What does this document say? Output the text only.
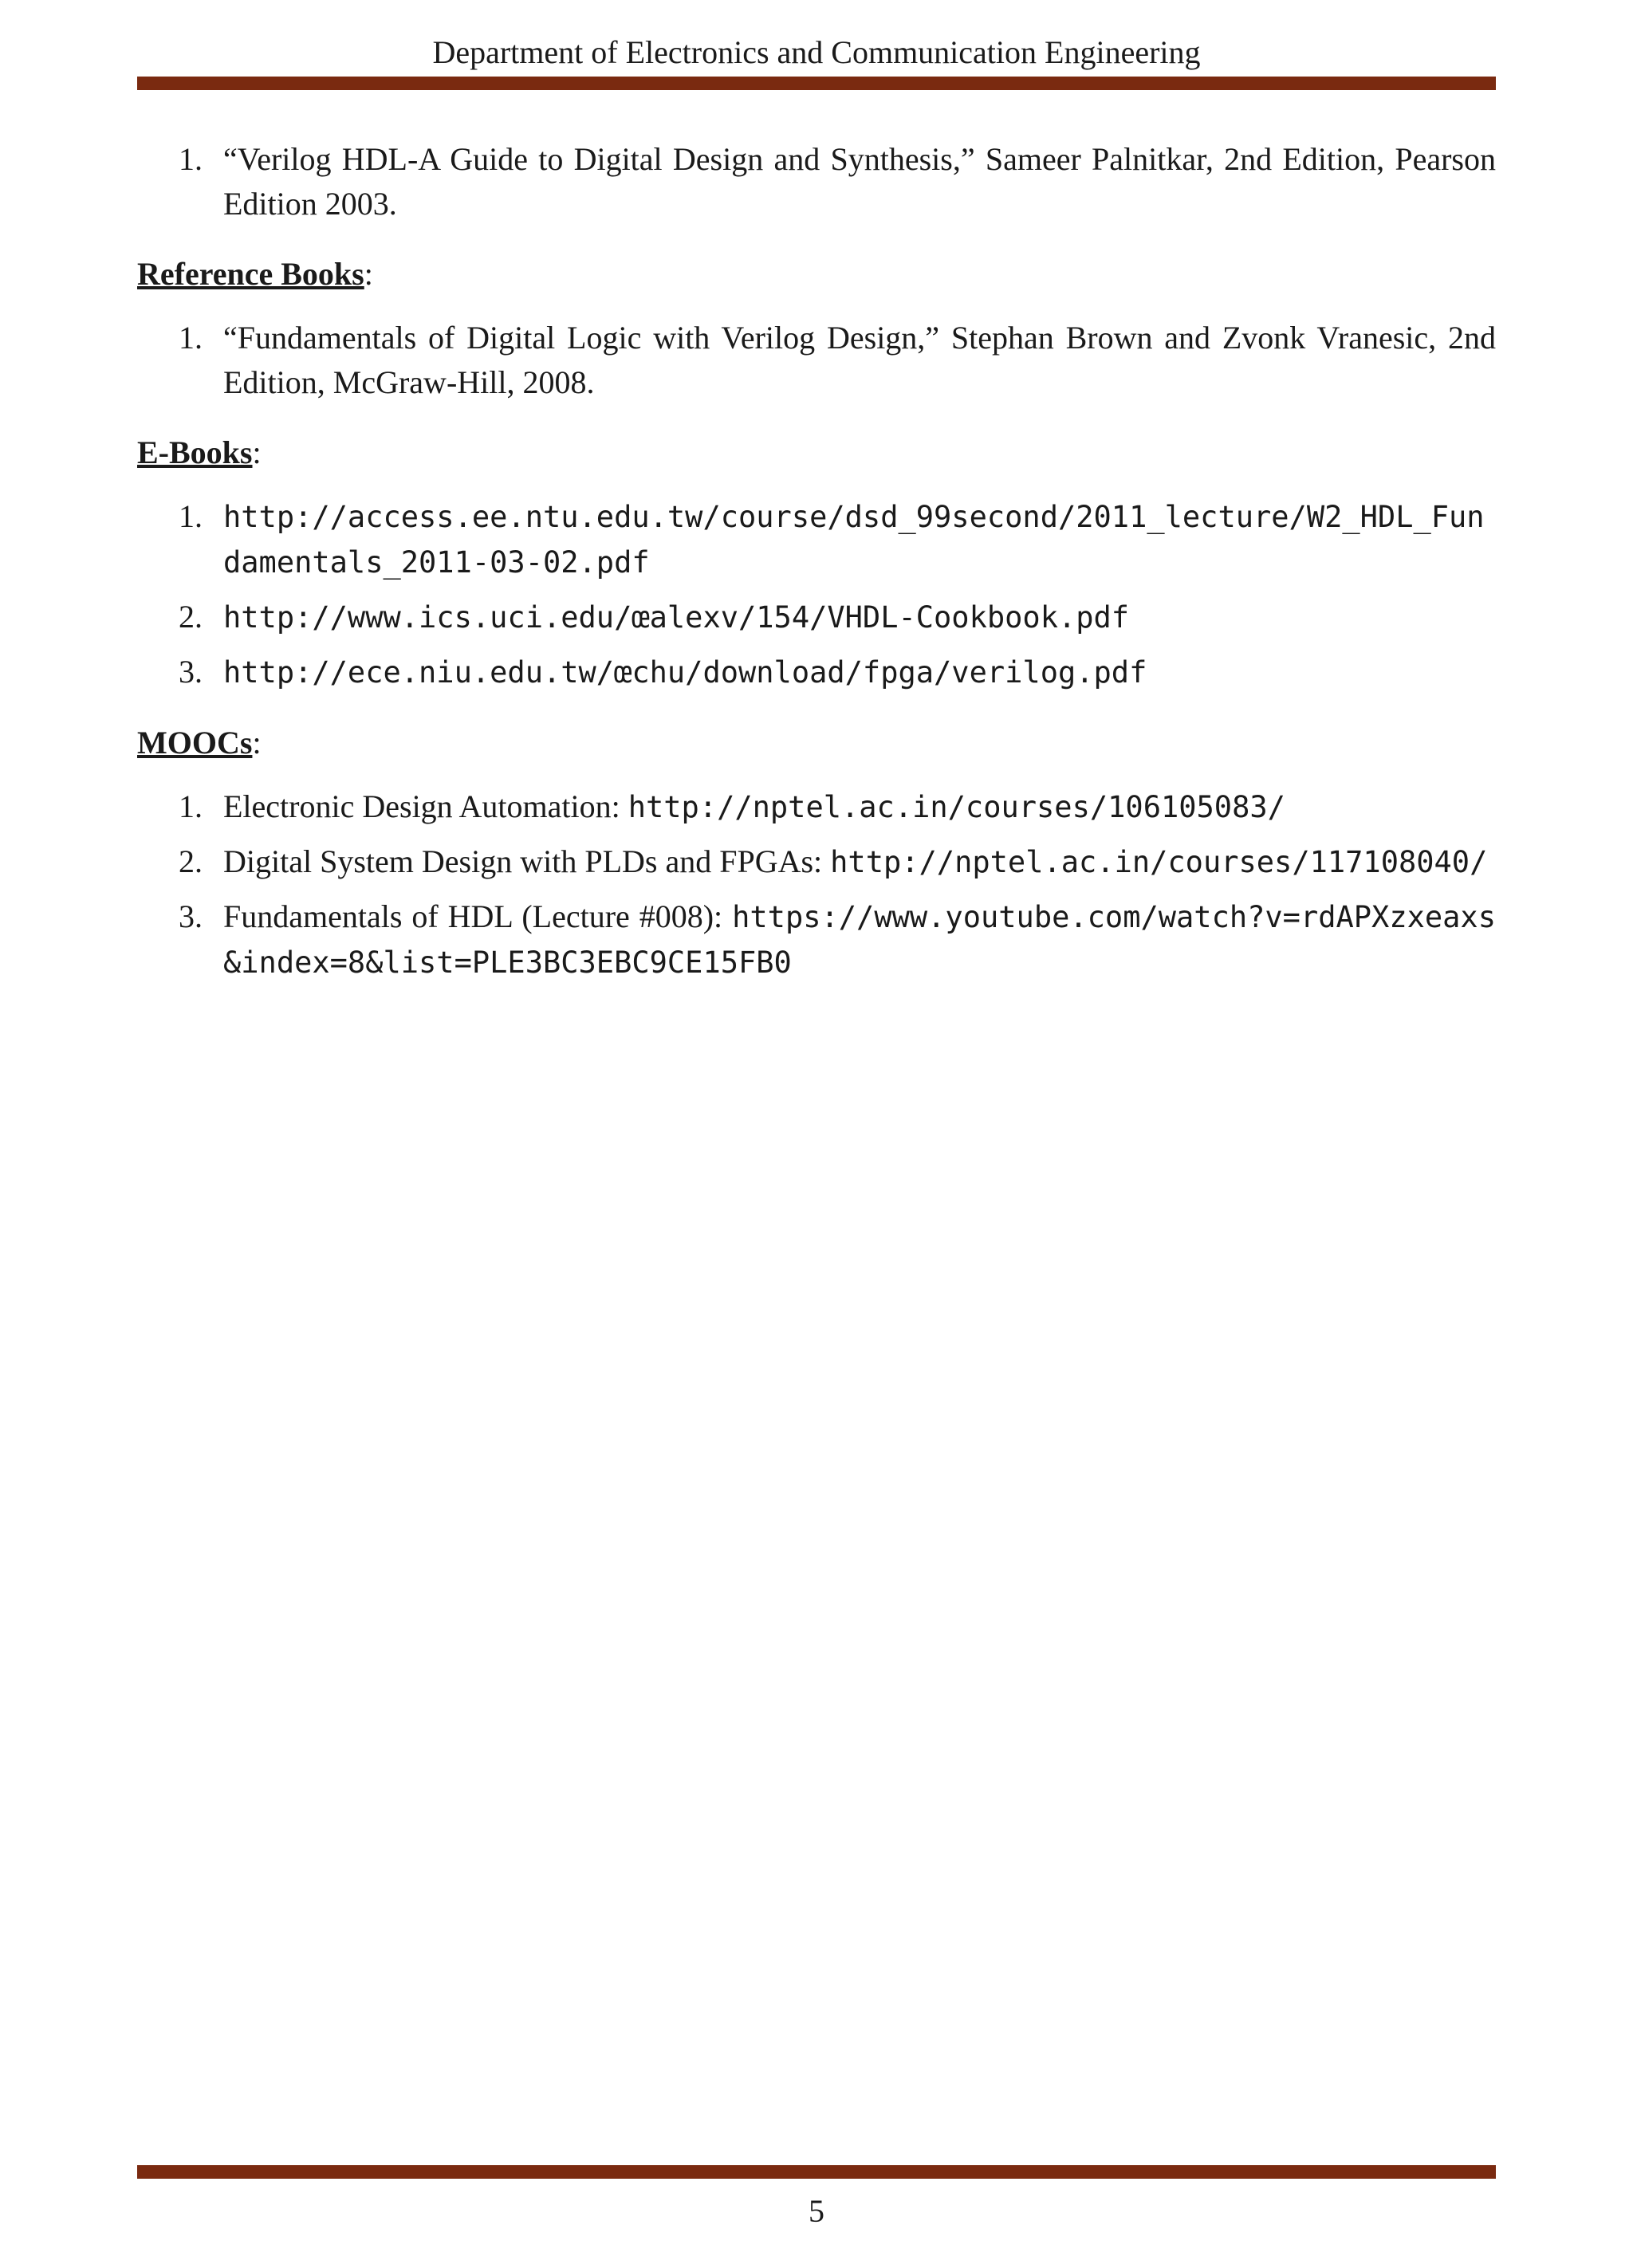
Department of Electronics and Communication Engineering
1. “Verilog HDL-A Guide to Digital Design and Synthesis,” Sameer Palnitkar, 2nd Edition, Pearson Edition 2003.
Reference Books:
1. “Fundamentals of Digital Logic with Verilog Design,” Stephan Brown and Zvonk Vranesic, 2nd Edition, McGraw-Hill, 2008.
E-Books:
1. http://access.ee.ntu.edu.tw/course/dsd_99second/2011_lecture/W2_HDL_Fundamentals_2011-03-02.pdf
2. http://www.ics.uci.edu/œalexv/154/VHDL-Cookbook.pdf
3. http://ece.niu.edu.tw/œchu/download/fpga/verilog.pdf
MOOCs:
1. Electronic Design Automation: http://nptel.ac.in/courses/106105083/
2. Digital System Design with PLDs and FPGAs: http://nptel.ac.in/courses/117108040/
3. Fundamentals of HDL (Lecture #008): https://www.youtube.com/watch?v=rdAPXzxeaxs&index=8&list=PLE3BC3EBC9CE15FB0
5
